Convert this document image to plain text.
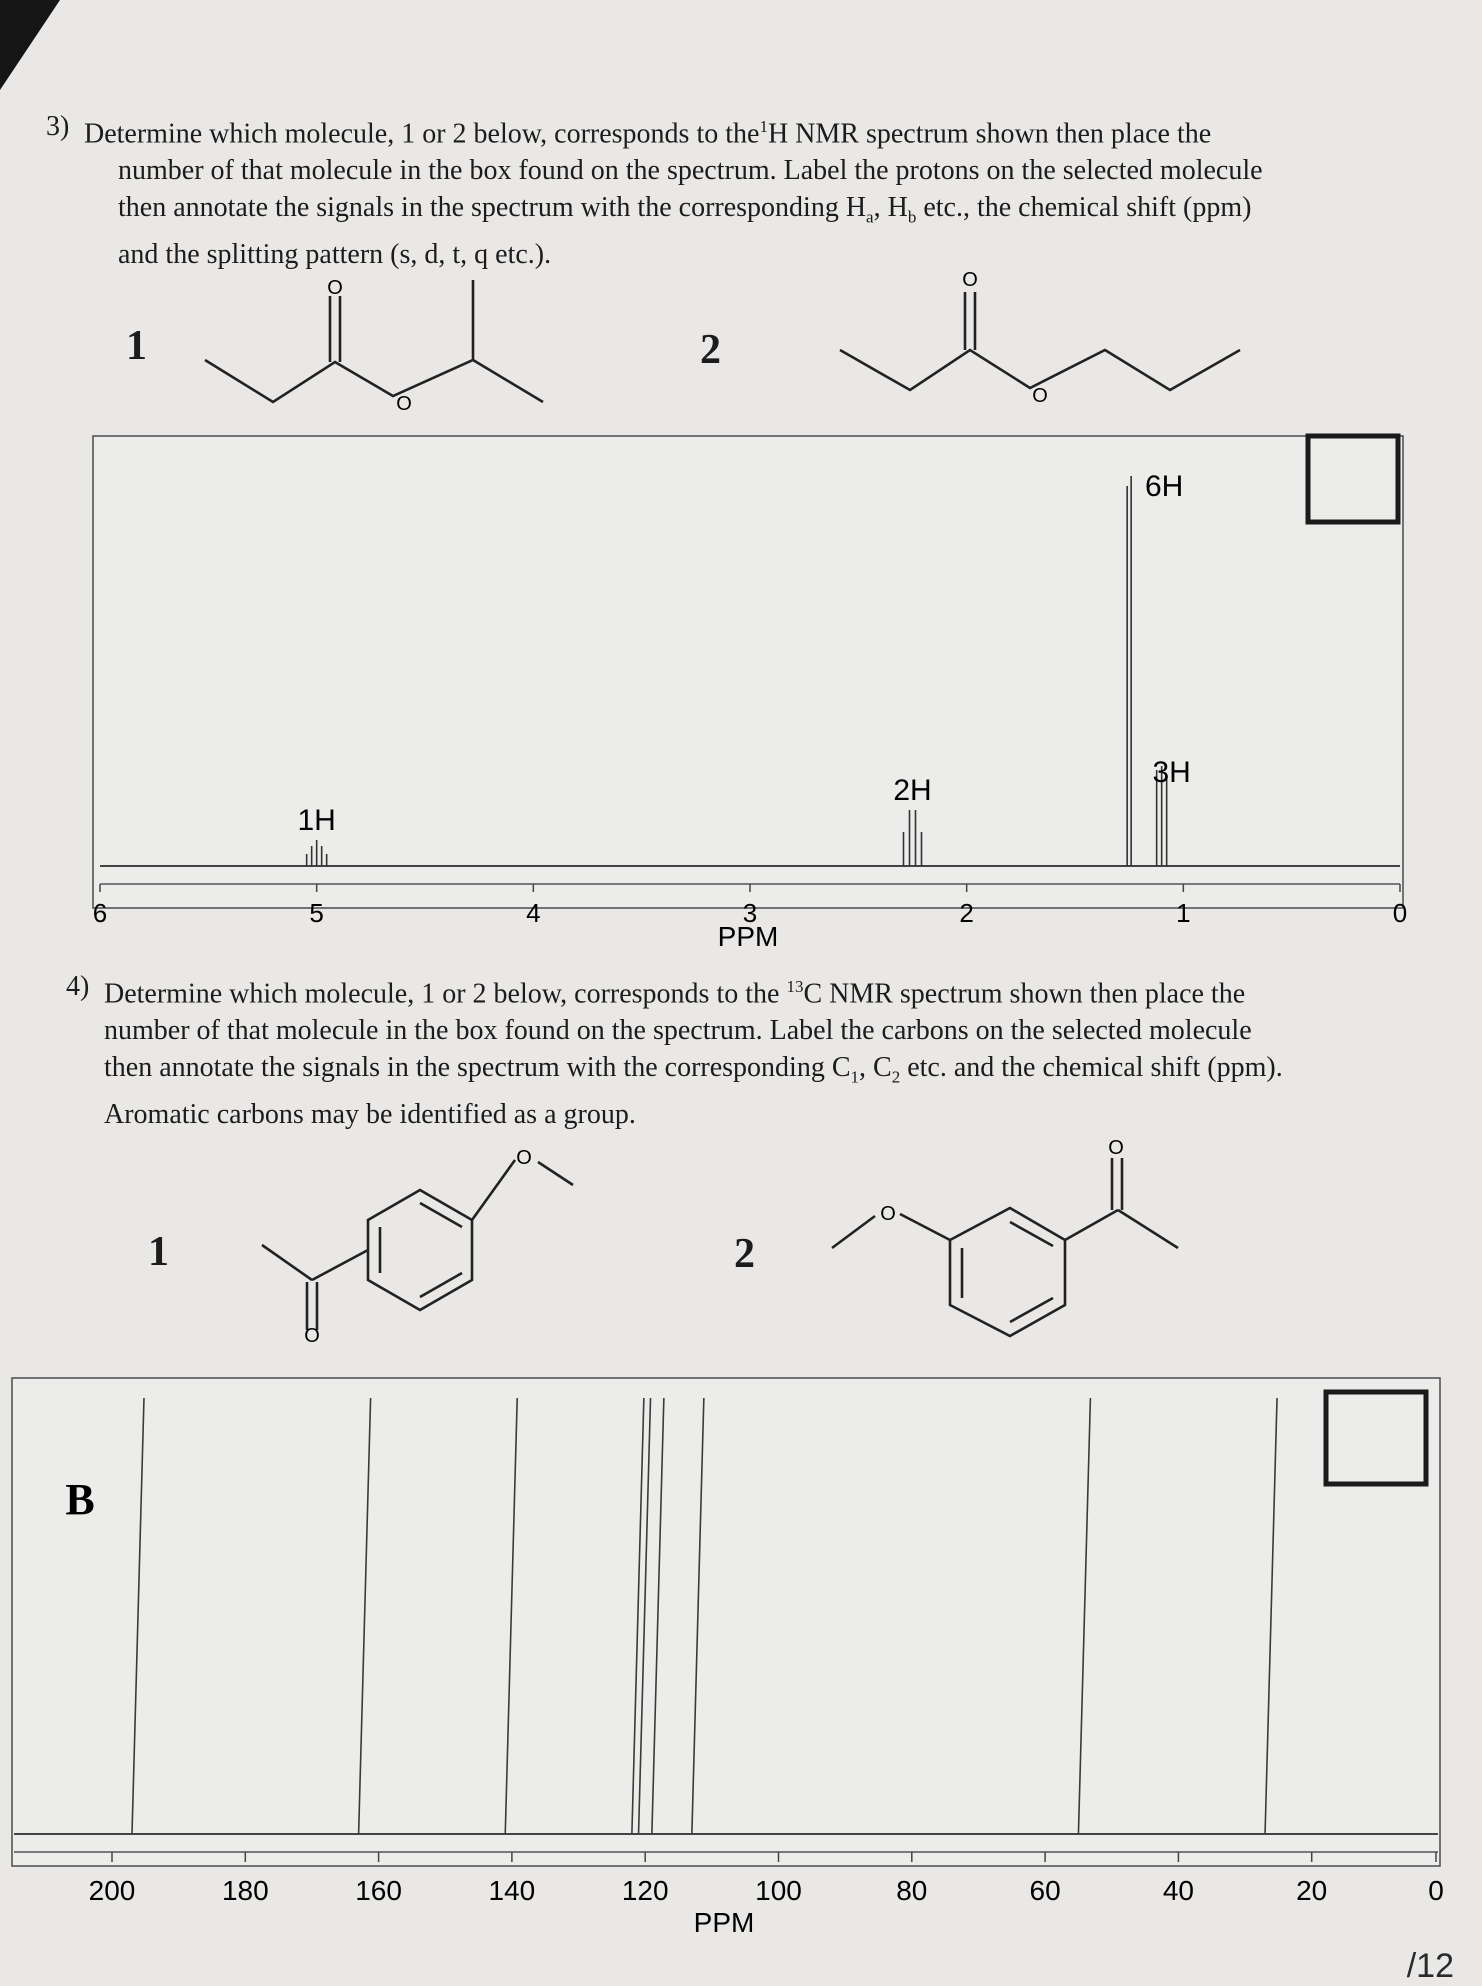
3) Determine which molecule, 1 or 2 below, corresponds to the$^1$H NMR spectrum shown then place the

number of that molecule in the box found on the spectrum. Label the protons on the selected molecule

then annotate the signals in the spectrum with the corresponding $H_a$, $H_b$ etc., the chemical shift (ppm)

and the splitting pattern (s, d, t, q etc.).

1	2
O
O
O
O
6	5	4	3	2	1	0
1H
2H
6H
3H
PPM
4) Determine which molecule, 1 or 2 below, corresponds to the $^{13}$C NMR spectrum shown then place the

number of that molecule in the box found on the spectrum. Label the carbons on the selected molecule

then annotate the signals in the spectrum with the corresponding $C_1$, $C_2$ etc. and the chemical shift (ppm).

Aromatic carbons may be identified as a group.

1	2
O
O
O
O
B
200	180	160	140	120	100	80	60	40	20	0
PPM
/12
